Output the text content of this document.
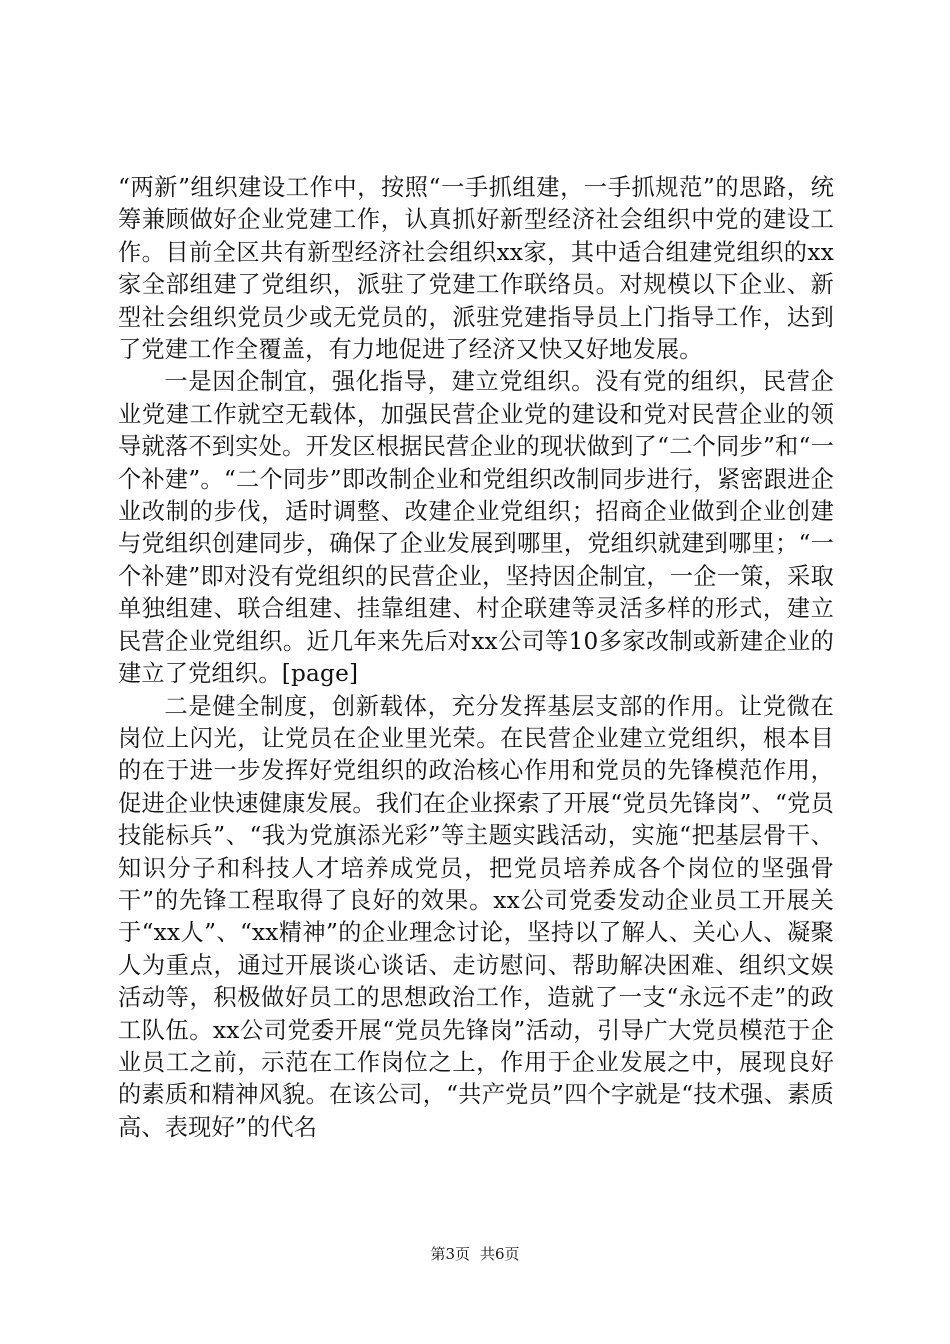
“两新”组织建设工作中，按照“一手抓组建，一手抓规范”的思路，统筹兼顾做好企业党建工作，认真抓好新型经济社会组织中党的建设工作。目前全区共有新型经济社会组织xx家，其中适合组建党组织的xx家全部组建了党组织，派驻了党建工作联络员。对规模以下企业、新型社会组织党员少或无党员的，派驻党建指导员上门指导工作，达到了党建工作全覆盖，有力地促进了经济又快又好地发展。

一是因企制宜，强化指导，建立党组织。没有党的组织，民营企业党建工作就空无载体，加强民营企业党的建设和党对民营企业的领导就落不到实处。开发区根据民营企业的现状做到了“二个同步”和“一个补建”。“二个同步”即改制企业和党组织改制同步进行，紧密跟进企业改制的步伐，适时调整、改建企业党组织；招商企业做到企业创建与党组织创建同步，确保了企业发展到哪里，党组织就建到哪里；“一个补建”即对没有党组织的民营企业，坚持因企制宜，一企一策，采取单独组建、联合组建、挂靠组建、村企联建等灵活多样的形式，建立民营企业党组织。近几年来先后对xx公司等10多家改制或新建企业的建立了党组织。[page]

二是健全制度，创新载体，充分发挥基层支部的作用。让党微在岗位上闪光，让党员在企业里光荣。在民营企业建立党组织，根本目的在于进一步发挥好党组织的政治核心作用和党员的先锋模范作用，促进企业快速健康发展。我们在企业探索了开展“党员先锋岗”、“党员技能标兵”、“我为党旗添光彩”等主题实践活动，实施“把基层骨干、知识分子和科技人才培养成党员，把党员培养成各个岗位的坚强骨干”的先锋工程取得了良好的效果。xx公司党委发动企业员工开展关于“xx人”、“xx精神”的企业理念讨论，坚持以了解人、关心人、凝聚人为重点，通过开展谈心谈话、走访慰问、帮助解决困难、组织文娱活动等，积极做好员工的思想政治工作，造就了一支“永远不走”的政工队伍。xx公司党委开展“党员先锋岗”活动，引导广大党员模范于企业员工之前，示范在工作岗位之上，作用于企业发展之中，展现良好的素质和精神风貌。在该公司，“共产党员”四个字就是“技术强、素质高、表现好”的代名

第3页 共6页
